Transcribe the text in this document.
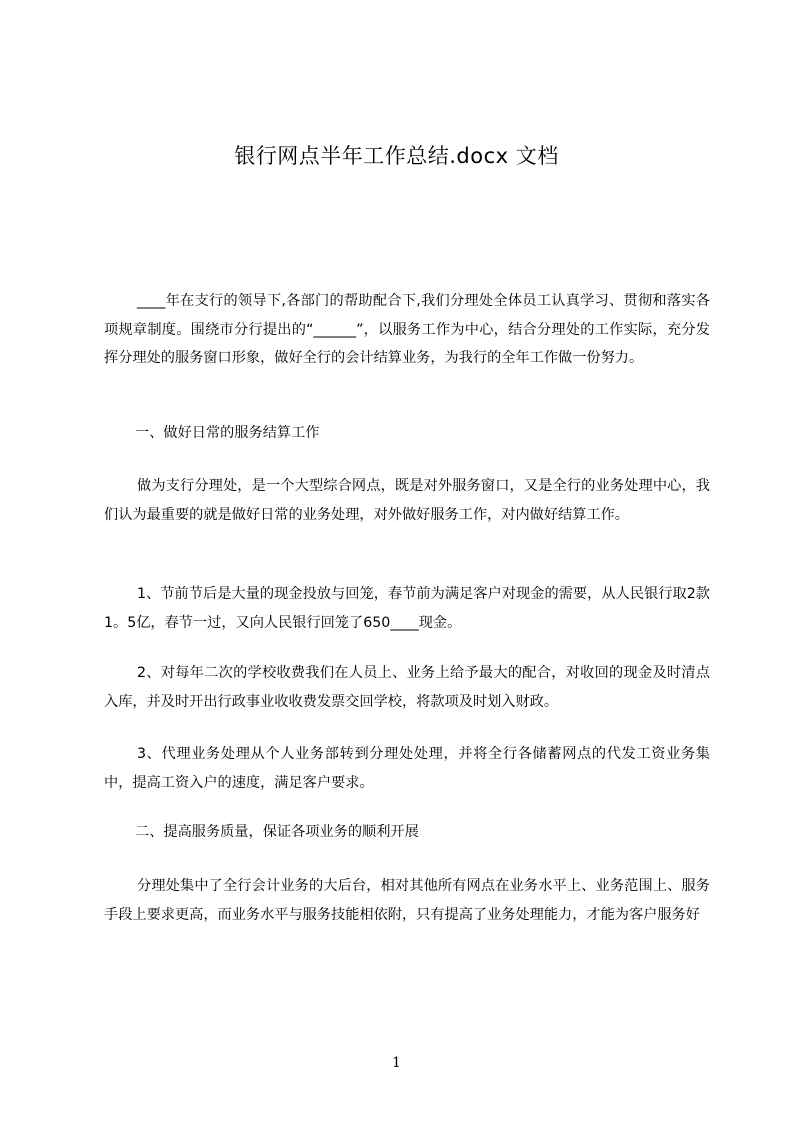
银行网点半年工作总结.docx 文档

____年在支行的领导下,各部门的帮助配合下,我们分理处全体员工认真学习、贯彻和落实各项规章制度。围绕市分行提出的“______”，以服务工作为中心，结合分理处的工作实际，充分发挥分理处的服务窗口形象，做好全行的会计结算业务，为我行的全年工作做一份努力。

一、做好日常的服务结算工作

做为支行分理处，是一个大型综合网点，既是对外服务窗口，又是全行的业务处理中心，我们认为最重要的就是做好日常的业务处理，对外做好服务工作，对内做好结算工作。

1、节前节后是大量的现金投放与回笼，春节前为满足客户对现金的需要，从人民银行取2款1。5亿，春节一过，又向人民银行回笼了650____现金。

2、对每年二次的学校收费我们在人员上、业务上给予最大的配合，对收回的现金及时清点入库，并及时开出行政事业收收费发票交回学校，将款项及时划入财政。

3、代理业务处理从个人业务部转到分理处处理，并将全行各储蓄网点的代发工资业务集中，提高工资入户的速度，满足客户要求。

二、提高服务质量，保证各项业务的顺利开展

分理处集中了全行会计业务的大后台，相对其他所有网点在业务水平上、业务范围上、服务手段上要求更高，而业务水平与服务技能相依附，只有提高了业务处理能力，才能为客户服务好

1
